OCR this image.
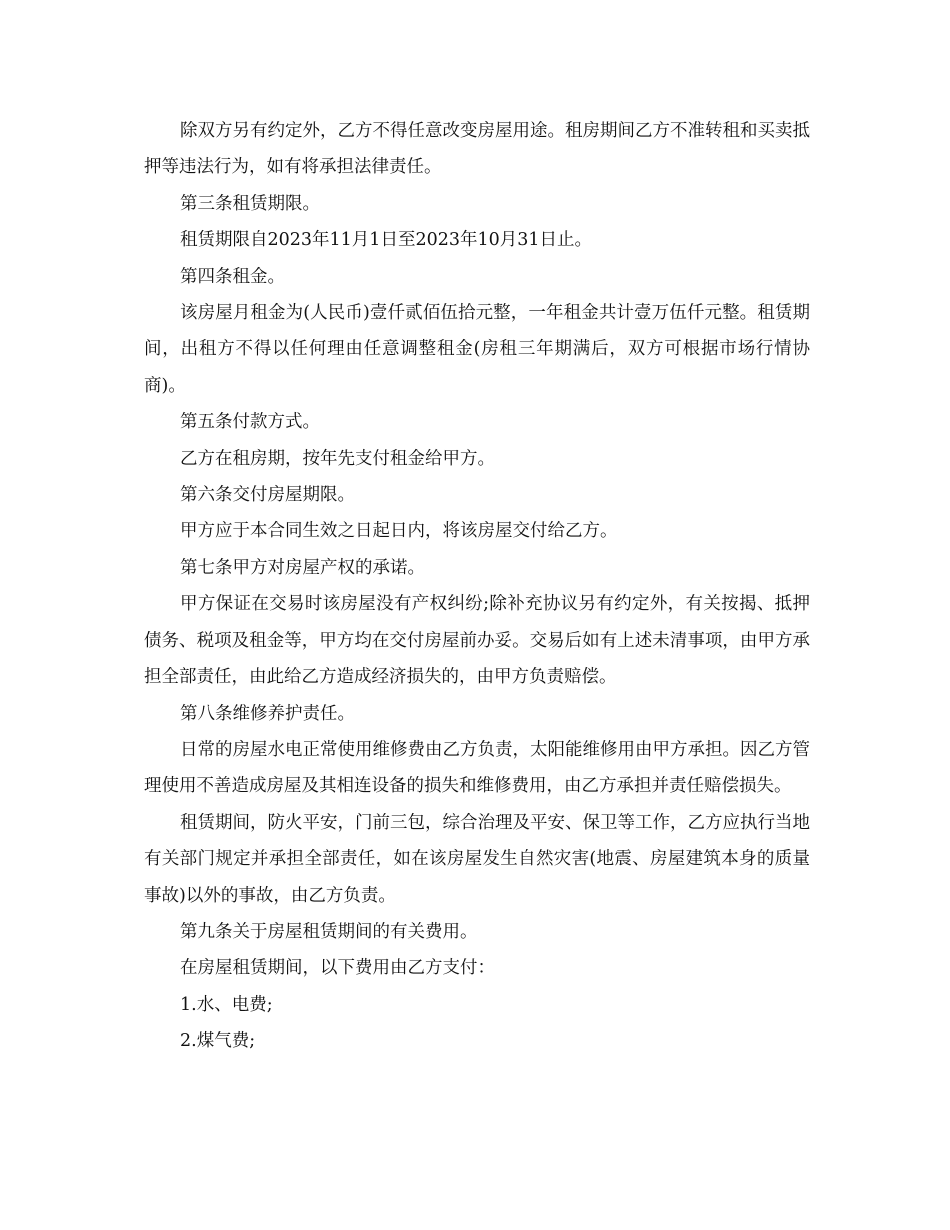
除双方另有约定外，乙方不得任意改变房屋用途。租房期间乙方不准转租和买卖抵押等违法行为，如有将承担法律责任。

第三条租赁期限。

租赁期限自2023年11月1日至2023年10月31日止。

第四条租金。

该房屋月租金为(人民币)壹仟贰佰伍拾元整，一年租金共计壹万伍仟元整。租赁期间，出租方不得以任何理由任意调整租金(房租三年期满后，双方可根据市场行情协商)。

第五条付款方式。

乙方在租房期，按年先支付租金给甲方。

第六条交付房屋期限。

甲方应于本合同生效之日起日内，将该房屋交付给乙方。

第七条甲方对房屋产权的承诺。

甲方保证在交易时该房屋没有产权纠纷;除补充协议另有约定外，有关按揭、抵押债务、税项及租金等，甲方均在交付房屋前办妥。交易后如有上述未清事项，由甲方承担全部责任，由此给乙方造成经济损失的，由甲方负责赔偿。

第八条维修养护责任。

日常的房屋水电正常使用维修费由乙方负责，太阳能维修用由甲方承担。因乙方管理使用不善造成房屋及其相连设备的损失和维修费用，由乙方承担并责任赔偿损失。

租赁期间，防火平安，门前三包，综合治理及平安、保卫等工作，乙方应执行当地有关部门规定并承担全部责任，如在该房屋发生自然灾害(地震、房屋建筑本身的质量事故)以外的事故，由乙方负责。

第九条关于房屋租赁期间的有关费用。

在房屋租赁期间，以下费用由乙方支付：

1.水、电费;

2.煤气费;
